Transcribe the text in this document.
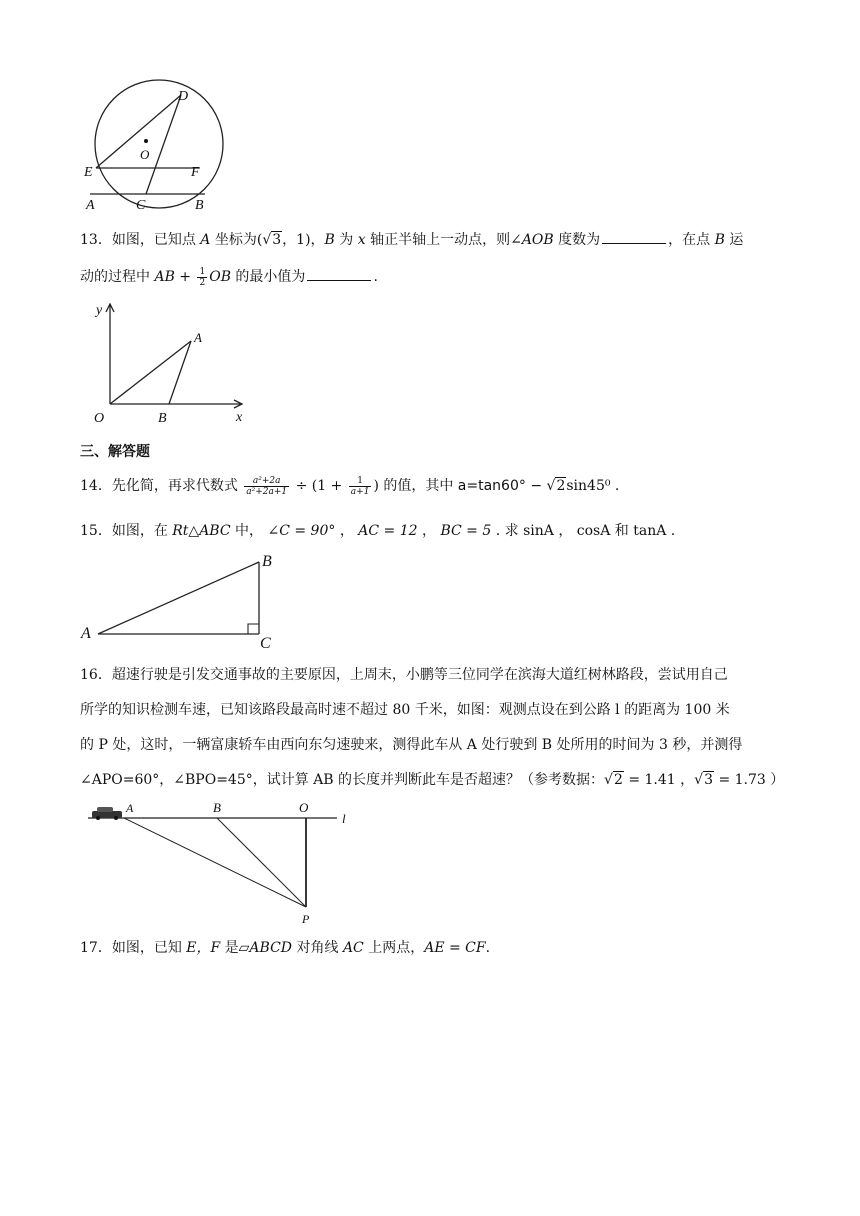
D
O
E	F
A	C	B
13．如图，已知点 A 坐标为(√3，1)，B 为 x 轴正半轴上一动点，则∠AOB 度数为	，在点 B 运
动的过程中 AB + $\frac{1}{2}$ OB 的最小值为	.
y
x
O
A
B
三、解答题
14．先化简，再求代数式 $\frac{\text{a²+2a}}{\text{a²+2a+1}} \div (1 + \frac{1}{a+1}$ ) 的值，其中 a=tan60° − √2sin45⁰ .
15．如图，在 Rt△ABC 中， ∠C = 90° ， AC = 12 ， BC = 5 . 求 sinA ， cosA 和 tanA .
A
B
C
16．超速行驶是引发交通事故的主要原因，上周末，小鹏等三位同学在滨海大道红树林路段，尝试用自己
所学的知识检测车速，已知该路段最高时速不超过 80 千米，如图：观测点设在到公路 l 的距离为 100 米
的 P 处，这时，一辆富康轿车由西向东匀速驶来，测得此车从 A 处行驶到 B 处所用的时间为 3 秒，并测得
∠APO=60°，∠BPO=45°，试计算 AB 的长度并判断此车是否超速？（参考数据：√2 = 1.41 ，√3 = 1.73 ）
A	B	O
l
P
17．如图，已知 E，F 是▱ABCD 对角线 AC 上两点，AE = CF.
